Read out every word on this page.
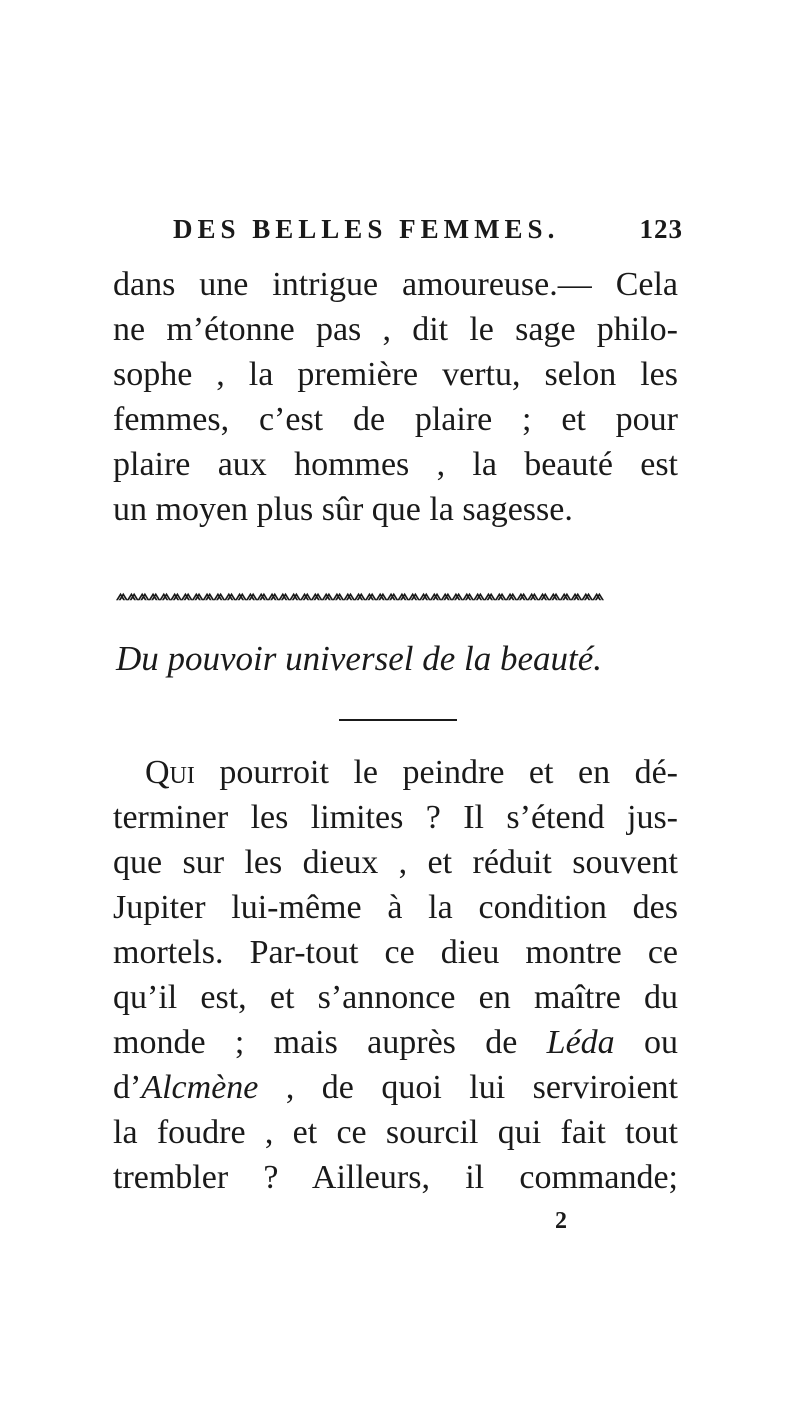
DES BELLES FEMMES.	123
dans une intrigue amoureuse.— Cela
ne m’étonne pas , dit le sage philo-
sophe , la première vertu, selon les
femmes, c’est de plaire ; et pour
plaire aux hommes , la beauté est
un moyen plus sûr que la sagesse.
⩕⩕⩕⩕⩕⩕⩕⩕⩕⩕⩕⩕⩕⩕⩕⩕⩕⩕⩕⩕⩕⩕⩕⩕⩕⩕⩕⩕⩕⩕⩕⩕⩕⩕⩕⩕⩕⩕⩕⩕⩕⩕⩕⩕⩕
Du pouvoir universel de la beauté.
Qui pourroit le peindre et en dé-
terminer les limites ? Il s’étend jus-
que sur les dieux , et réduit souvent
Jupiter lui-même à la condition des
mortels. Par-tout ce dieu montre ce
qu’il est, et s’annonce en maître du
monde ; mais auprès de Léda ou
d’Alcmène , de quoi lui serviroient
la foudre , et ce sourcil qui fait tout
trembler ? Ailleurs, il commande;
2
